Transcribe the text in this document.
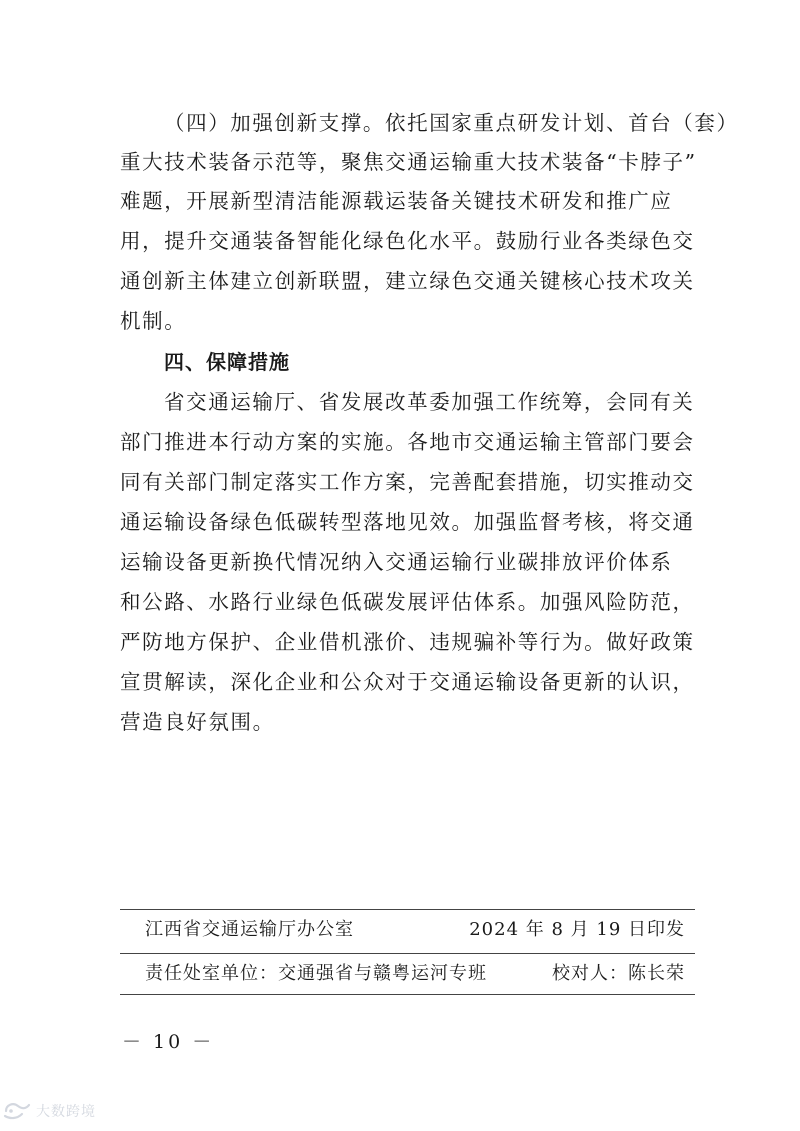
（四）加强创新支撑。依托国家重点研发计划、首台（套）
重大技术装备示范等，聚焦交通运输重大技术装备“卡脖子”
难题，开展新型清洁能源载运装备关键技术研发和推广应
用，提升交通装备智能化绿色化水平。鼓励行业各类绿色交
通创新主体建立创新联盟，建立绿色交通关键核心技术攻关
机制。
四、保障措施
省交通运输厅、省发展改革委加强工作统筹，会同有关
部门推进本行动方案的实施。各地市交通运输主管部门要会
同有关部门制定落实工作方案，完善配套措施，切实推动交
通运输设备绿色低碳转型落地见效。加强监督考核，将交通
运输设备更新换代情况纳入交通运输行业碳排放评价体系
和公路、水路行业绿色低碳发展评估体系。加强风险防范，
严防地方保护、企业借机涨价、违规骗补等行为。做好政策
宣贯解读，深化企业和公众对于交通运输设备更新的认识，
营造良好氛围。
江西省交通运输厅办公室	2024 年 8 月 19 日印发
责任处室单位：交通强省与赣粤运河专班	校对人：陈长荣
－ 10 －
大数跨境
